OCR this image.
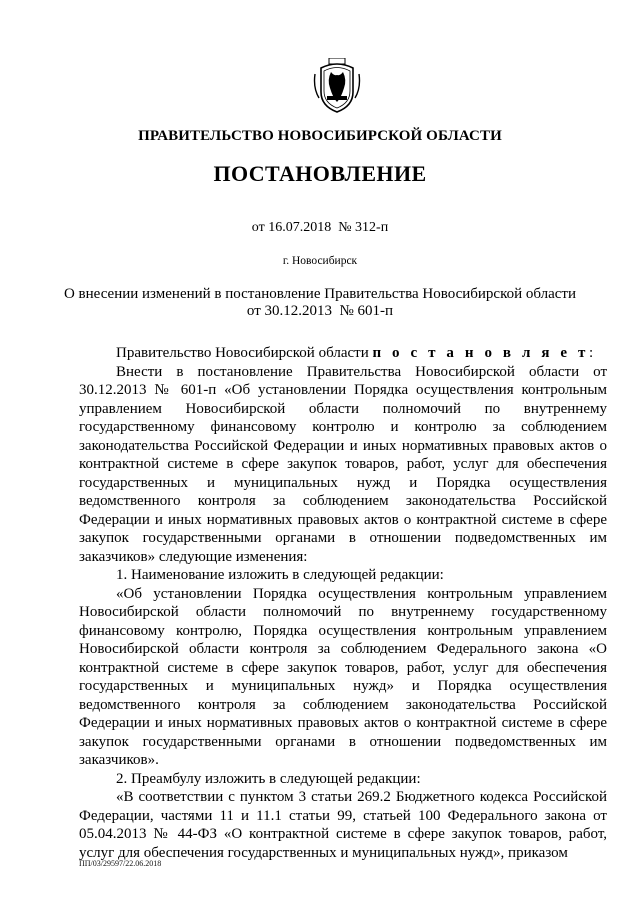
ПРАВИТЕЛЬСТВО НОВОСИБИРСКОЙ ОБЛАСТИ
ПОСТАНОВЛЕНИЕ
от 16.07.2018  № 312-п
г. Новосибирск
О внесении изменений в постановление Правительства Новосибирской области
от 30.12.2013  № 601-п

Правительство Новосибирской области п о с т а н о в л я е т:

Внести в постановление Правительства Новосибирской области от 30.12.2013 № 601-п «Об установлении Порядка осуществления контрольным управлением Новосибирской области полномочий по внутреннему государственному финансовому контролю и контролю за соблюдением законодательства Российской Федерации и иных нормативных правовых актов о контрактной системе в сфере закупок товаров, работ, услуг для обеспечения государственных и муниципальных нужд и Порядка осуществления ведомственного контроля за соблюдением законодательства Российской Федерации и иных нормативных правовых актов о контрактной системе в сфере закупок государственными органами в отношении подведомственных им заказчиков» следующие изменения:

1. Наименование изложить в следующей редакции:

«Об установлении Порядка осуществления контрольным управлением Новосибирской области полномочий по внутреннему государственному финансовому контролю, Порядка осуществления контрольным управлением Новосибирской области контроля за соблюдением Федерального закона «О контрактной системе в сфере закупок товаров, работ, услуг для обеспечения государственных и муниципальных нужд» и Порядка осуществления ведомственного контроля за соблюдением законодательства Российской Федерации и иных нормативных правовых актов о контрактной системе в сфере закупок государственными органами в отношении подведомственных им заказчиков».

2. Преамбулу изложить в следующей редакции:

«В соответствии с пунктом 3 статьи 269.2 Бюджетного кодекса Российской Федерации, частями 11 и 11.1 статьи 99, статьей 100 Федерального закона от 05.04.2013 № 44-ФЗ «О контрактной системе в сфере закупок товаров, работ, услуг для обеспечения государственных и муниципальных нужд», приказом

ПП/03/29597/22.06.2018
